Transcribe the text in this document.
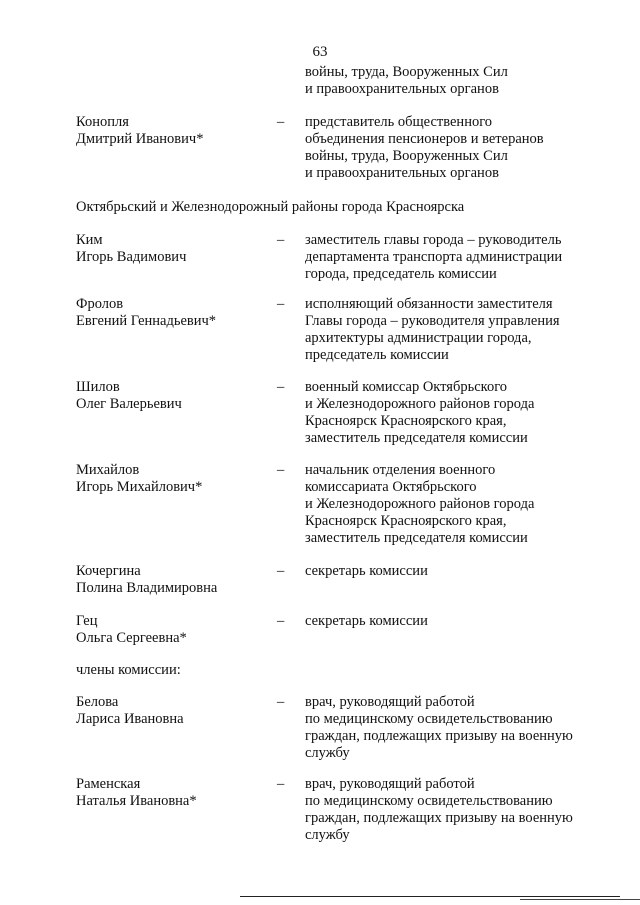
63
войны, труда, Вооруженных Сил
и правоохранительных органов
Конопля
Дмитрий Иванович*
– представитель общественного
объединения пенсионеров и ветеранов
войны, труда, Вооруженных Сил
и правоохранительных органов
Октябрьский и Железнодорожный районы города Красноярска
Ким
Игорь Вадимович
– заместитель главы города – руководитель
департамента транспорта администрации
города, председатель комиссии
Фролов
Евгений Геннадьевич*
– исполняющий обязанности заместителя
Главы города – руководителя управления
архитектуры администрации города,
председатель комиссии
Шилов
Олег Валерьевич
– военный комиссар Октябрьского
и Железнодорожного районов города
Красноярск Красноярского края,
заместитель председателя комиссии
Михайлов
Игорь Михайлович*
– начальник отделения военного
комиссариата Октябрьского
и Железнодорожного районов города
Красноярск Красноярского края,
заместитель председателя комиссии
Кочергина
Полина Владимировна
– секретарь комиссии
Гец
Ольга Сергеевна*
– секретарь комиссии
члены комиссии:
Белова
Лариса Ивановна
– врач, руководящий работой
по медицинскому освидетельствованию
граждан, подлежащих призыву на военную
службу
Раменская
Наталья Ивановна*
– врач, руководящий работой
по медицинскому освидетельствованию
граждан, подлежащих призыву на военную
службу
